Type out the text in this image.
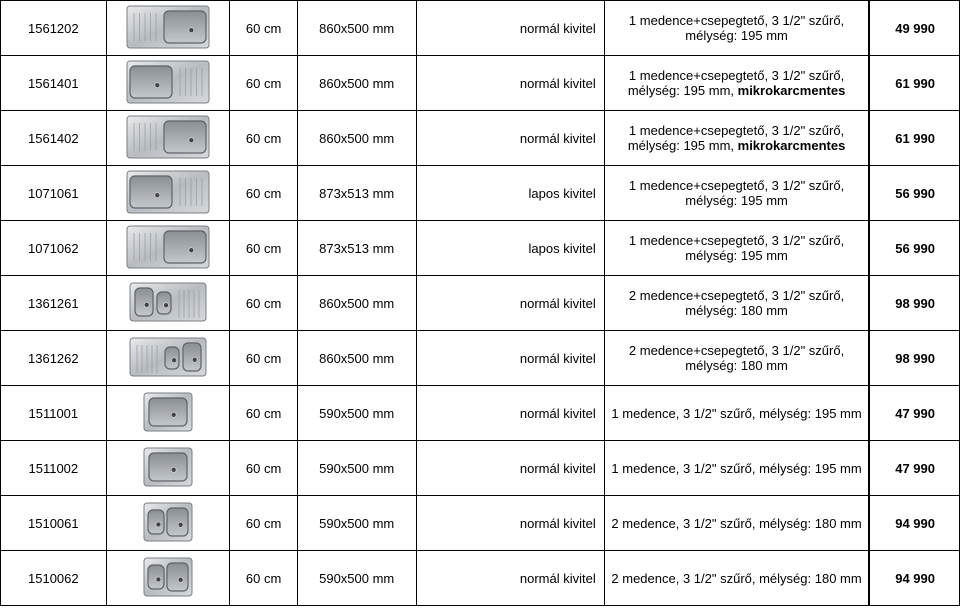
1561202		60 cm	860x500 mm	normál kivitel	1 medence+csepegtető, 3 1/2" szűrő,
mélység: 195 mm	49 990
1561401		60 cm	860x500 mm	normál kivitel	1 medence+csepegtető, 3 1/2" szűrő,
mélység: 195 mm, mikrokarcmentes	61 990
1561402		60 cm	860x500 mm	normál kivitel	1 medence+csepegtető, 3 1/2" szűrő,
mélység: 195 mm, mikrokarcmentes	61 990
1071061		60 cm	873x513 mm	lapos kivitel	1 medence+csepegtető, 3 1/2" szűrő,
mélység: 195 mm	56 990
1071062		60 cm	873x513 mm	lapos kivitel	1 medence+csepegtető, 3 1/2" szűrő,
mélység: 195 mm	56 990
1361261		60 cm	860x500 mm	normál kivitel	2 medence+csepegtető, 3 1/2" szűrő,
mélység: 180 mm	98 990
1361262		60 cm	860x500 mm	normál kivitel	2 medence+csepegtető, 3 1/2" szűrő,
mélység: 180 mm	98 990
1511001		60 cm	590x500 mm	normál kivitel	1 medence, 3 1/2" szűrő, mélység: 195 mm	47 990
1511002		60 cm	590x500 mm	normál kivitel	1 medence, 3 1/2" szűrő, mélység: 195 mm	47 990
1510061		60 cm	590x500 mm	normál kivitel	2 medence, 3 1/2" szűrő, mélység: 180 mm	94 990
1510062		60 cm	590x500 mm	normál kivitel	2 medence, 3 1/2" szűrő, mélység: 180 mm	94 990
